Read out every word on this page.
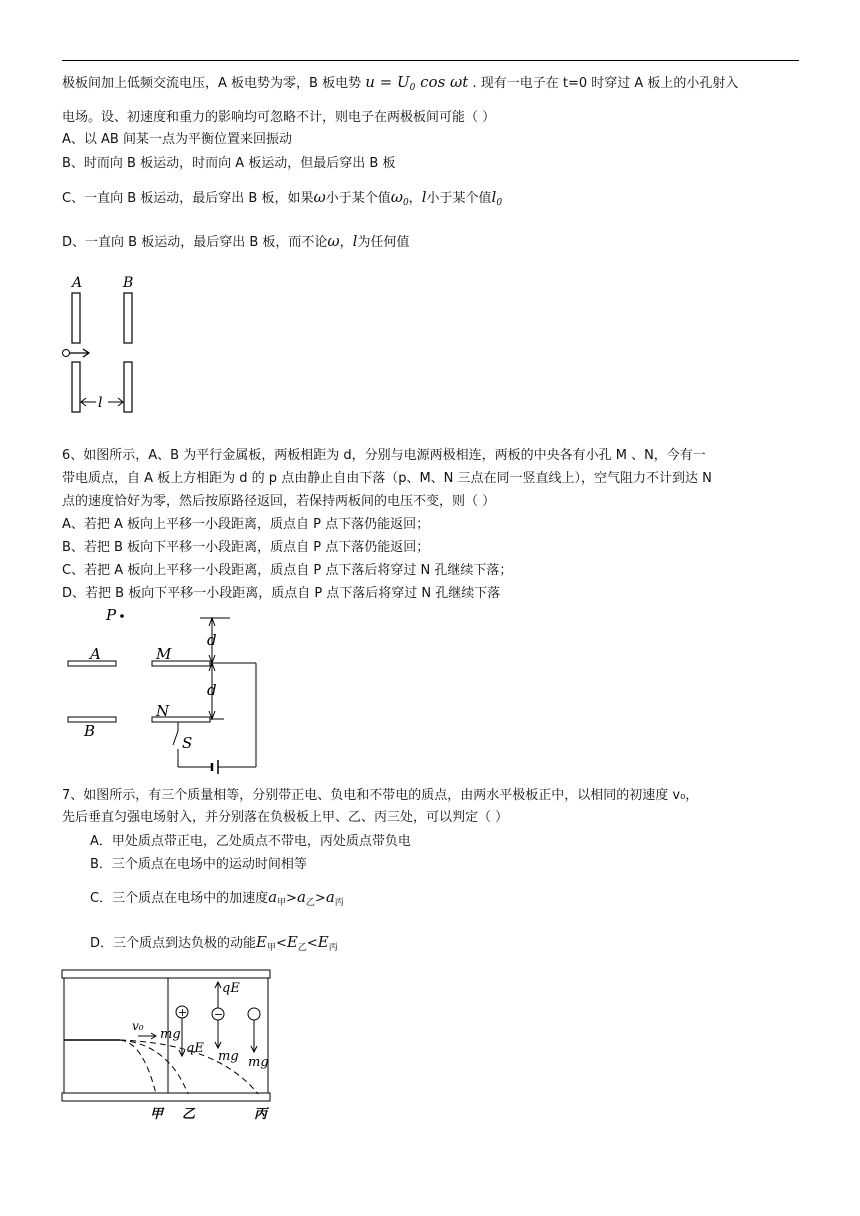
极板间加上低频交流电压，A 板电势为零，B 板电势 $u = U_0$ cos ωt . 现有一电子在 t=0 时穿过 A 板上的小孔射入
电场。设、初速度和重力的影响均可忽略不计，则电子在两极板间可能（ ）
A、以 AB 间某一点为平衡位置来回振动
B、时而向 B 板运动，时而向 A 板运动，但最后穿出 B 板
C、一直向 B 板运动，最后穿出 B 板，如果ω小于某个值$\omega_0$，l小于某个值$l_0$
D、一直向 B 板运动，最后穿出 B 板，而不论ω，l为任何值
A	B
l
6、如图所示，A、B 为平行金属板，两板相距为 d，分别与电源两极相连，两板的中央各有小孔 M 、N，今有一
带电质点，自 A 板上方相距为 d 的 p 点由静止自由下落（p、M、N 三点在同一竖直线上），空气阻力不计到达 N
点的速度恰好为零，然后按原路径返回，若保持两板间的电压不变，则（ ）
A、若把 A 板向上平移一小段距离，质点自 P 点下落仍能返回；
B、若把 B 板向下平移一小段距离，质点自 P 点下落仍能返回；
C、若把 A 板向上平移一小段距离，质点自 P 点下落后将穿过 N 孔继续下落；
D、若把 B 板向下平移一小段距离，质点自 P 点下落后将穿过 N 孔继续下落
P
A
B
M
N
d
d
S
7、如图所示，有三个质量相等，分别带正电、负电和不带电的质点，由两水平极板正中，以相同的初速度 v₀，
先后垂直匀强电场射入，并分别落在负极板上甲、乙、丙三处，可以判定（ ）
A．甲处质点带正电，乙处质点不带电，丙处质点带负电
B．三个质点在电场中的运动时间相等
C．三个质点在电场中的加速度$a_甲>a_乙>a_丙$
D．三个质点到达负极的动能$E_甲<E_乙<E_丙$
v₀
+
mg
qE
−
qE
mg mg
甲 乙	丙
